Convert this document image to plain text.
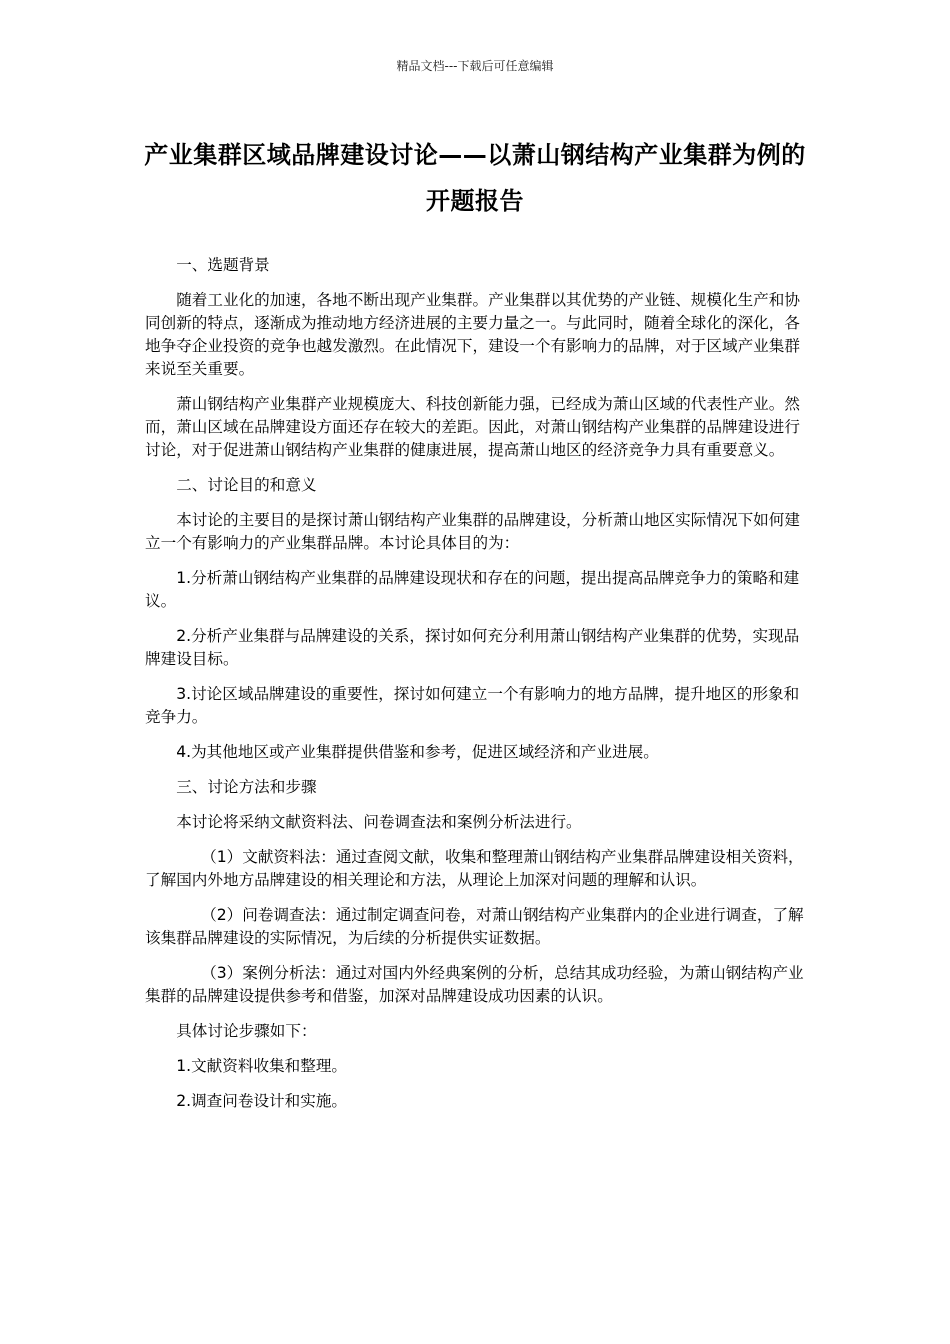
精品文档---下载后可任意编辑
产业集群区域品牌建设讨论——以萧山钢结构产业集群为例的开题报告

一、选题背景

随着工业化的加速，各地不断出现产业集群。产业集群以其优势的产业链、规模化生产和协同创新的特点，逐渐成为推动地方经济进展的主要力量之一。与此同时，随着全球化的深化，各地争夺企业投资的竞争也越发激烈。在此情况下，建设一个有影响力的品牌，对于区域产业集群来说至关重要。

萧山钢结构产业集群产业规模庞大、科技创新能力强，已经成为萧山区域的代表性产业。然而，萧山区域在品牌建设方面还存在较大的差距。因此，对萧山钢结构产业集群的品牌建设进行讨论，对于促进萧山钢结构产业集群的健康进展，提高萧山地区的经济竞争力具有重要意义。

二、讨论目的和意义

本讨论的主要目的是探讨萧山钢结构产业集群的品牌建设，分析萧山地区实际情况下如何建立一个有影响力的产业集群品牌。本讨论具体目的为：

1.分析萧山钢结构产业集群的品牌建设现状和存在的问题，提出提高品牌竞争力的策略和建议。

2.分析产业集群与品牌建设的关系，探讨如何充分利用萧山钢结构产业集群的优势，实现品牌建设目标。

3.讨论区域品牌建设的重要性，探讨如何建立一个有影响力的地方品牌，提升地区的形象和竞争力。

4.为其他地区或产业集群提供借鉴和参考，促进区域经济和产业进展。

三、讨论方法和步骤

本讨论将采纳文献资料法、问卷调查法和案例分析法进行。

（1）文献资料法：通过查阅文献，收集和整理萧山钢结构产业集群品牌建设相关资料，了解国内外地方品牌建设的相关理论和方法，从理论上加深对问题的理解和认识。

（2）问卷调查法：通过制定调查问卷，对萧山钢结构产业集群内的企业进行调查，了解该集群品牌建设的实际情况，为后续的分析提供实证数据。

（3）案例分析法：通过对国内外经典案例的分析，总结其成功经验，为萧山钢结构产业集群的品牌建设提供参考和借鉴，加深对品牌建设成功因素的认识。

具体讨论步骤如下：

1.文献资料收集和整理。

2.调查问卷设计和实施。
